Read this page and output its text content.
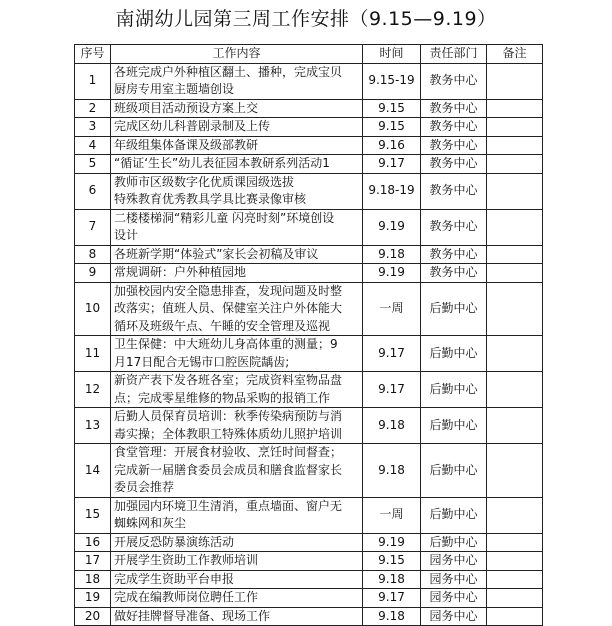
南湖幼儿园第三周工作安排（9.15—9.19）
序号	工作内容	时间	责任部门	备注
1	各班完成户外种植区翻土、播种，完成宝贝
厨房专用室主题墙创设	9.15-19	教务中心	
2	班级项目活动预设方案上交	9.15	教务中心	
3	完成区幼儿科普剧录制及上传	9.15	教务中心	
4	年级组集体备课及级部教研	9.16	教务中心	
5	“循证‘生长”幼儿表征园本教研系列活动1	9.17	教务中心	
6	教师市区级数字化优质课园级选拔
特殊教育优秀教具学具比赛录像审核	9.18-19	教务中心	
7	二楼楼梯洞“精彩儿童 闪亮时刻”环境创设
设计	9.19	教务中心	
8	各班新学期“体验式”家长会初稿及审议	9.18	教务中心	
9	常规调研：户外种植园地	9.19	教务中心	
10	加强校园内安全隐患排查，发现问题及时整
改落实；值班人员、保健室关注户外体能大
循环及班级午点、午睡的安全管理及巡视	一周	后勤中心	
11	卫生保健：中大班幼儿身高体重的测量；9
月17日配合无锡市口腔医院龋齿;	9.17	后勤中心	
12	新资产表下发各班各室；完成资料室物品盘
点；完成零星维修的物品采购的报销工作	9.17	后勤中心	
13	后勤人员保育员培训：秋季传染病预防与消
毒实操；全体教职工特殊体质幼儿照护培训	9.18	后勤中心	
14	食堂管理：开展食材验收、烹饪时间督查；
完成新一届膳食委员会成员和膳食监督家长
委员会推荐	9.18	后勤中心	
15	加强园内环境卫生清消，重点墙面、窗户无
蜘蛛网和灰尘	一周	后勤中心	
16	开展反恐防暴演练活动	9.19	后勤中心	
17	开展学生资助工作教师培训	9.15	园务中心	
18	完成学生资助平台申报	9.18	园务中心	
19	完成在编教师岗位聘任工作	9.17	园务中心	
20	做好挂牌督导准备、现场工作	9.18	园务中心	
